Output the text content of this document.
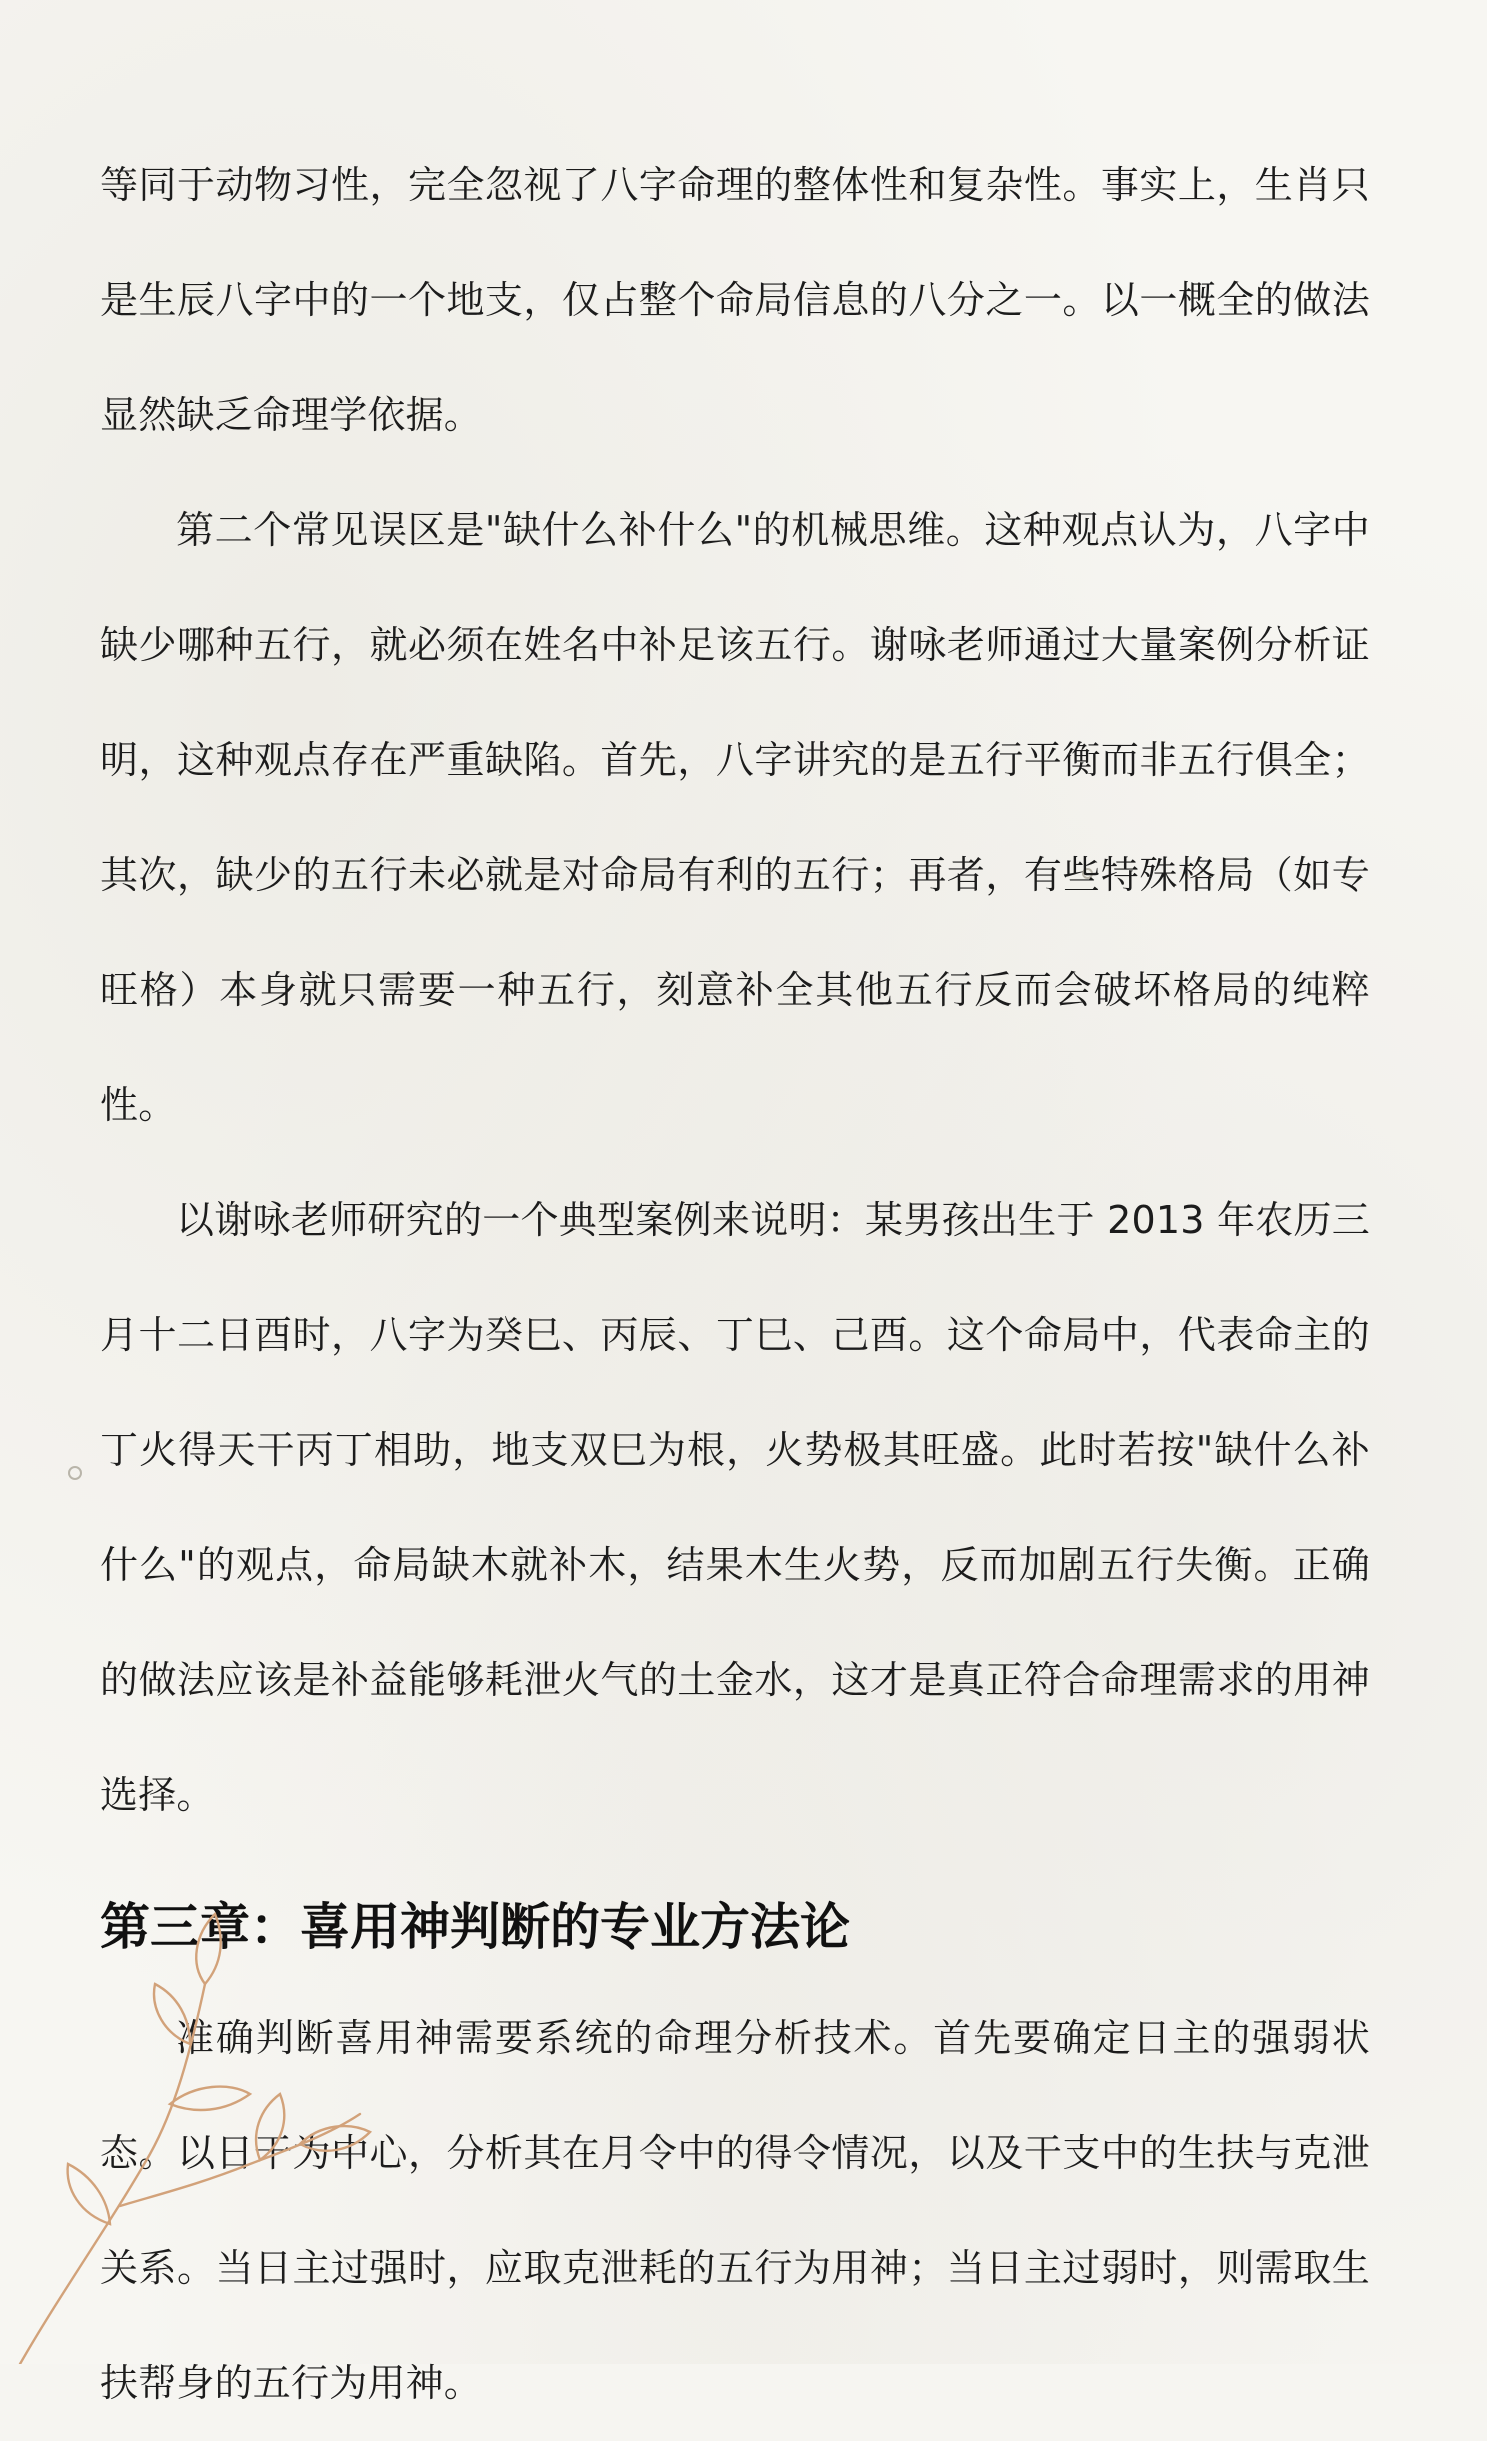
等同于动物习性，完全忽视了八字命理的整体性和复杂性。事实上，生肖只是生辰八字中的一个地支，仅占整个命局信息的八分之一。以一概全的做法显然缺乏命理学依据。

第二个常见误区是"缺什么补什么"的机械思维。这种观点认为，八字中缺少哪种五行，就必须在姓名中补足该五行。谢咏老师通过大量案例分析证明，这种观点存在严重缺陷。首先，八字讲究的是五行平衡而非五行俱全；其次，缺少的五行未必就是对命局有利的五行；再者，有些特殊格局（如专旺格）本身就只需要一种五行，刻意补全其他五行反而会破坏格局的纯粹性。

以谢咏老师研究的一个典型案例来说明：某男孩出生于 2013 年农历三月十二日酉时，八字为癸巳、丙辰、丁巳、己酉。这个命局中，代表命主的丁火得天干丙丁相助，地支双巳为根，火势极其旺盛。此时若按"缺什么补什么"的观点，命局缺木就补木，结果木生火势，反而加剧五行失衡。正确的做法应该是补益能够耗泄火气的土金水，这才是真正符合命理需求的用神选择。

第三章：喜用神判断的专业方法论

准确判断喜用神需要系统的命理分析技术。首先要确定日主的强弱状态。以日干为中心，分析其在月令中的得令情况，以及干支中的生扶与克泄关系。当日主过强时，应取克泄耗的五行为用神；当日主过弱时，则需取生扶帮身的五行为用神。
